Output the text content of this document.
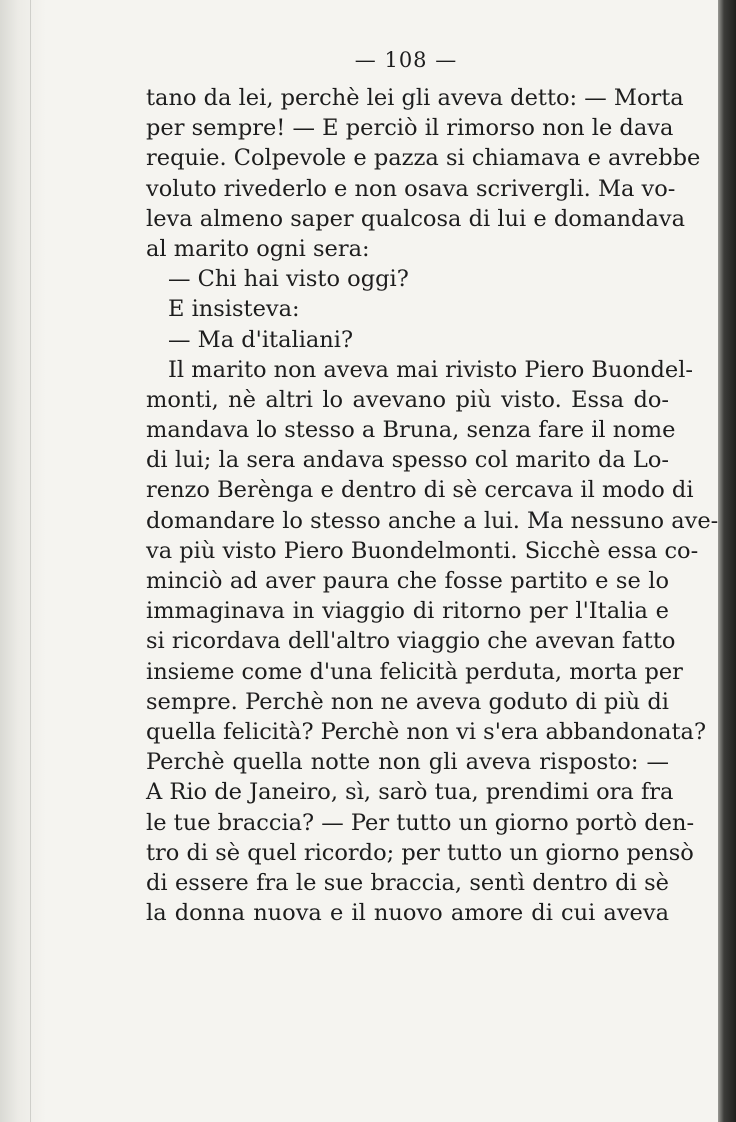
— 108 —
tano da lei, perchè lei gli aveva detto: — Morta
per sempre! — E perciò il rimorso non le dava
requie. Colpevole e pazza si chiamava e avrebbe
voluto rivederlo e non osava scrivergli. Ma vo-
leva almeno saper qualcosa di lui e domandava
al marito ogni sera:
— Chi hai visto oggi?
E insisteva:
— Ma d'italiani?
Il marito non aveva mai rivisto Piero Buondel-
monti, nè altri lo avevano più visto. Essa do-
mandava lo stesso a Bruna, senza fare il nome
di lui; la sera andava spesso col marito da Lo-
renzo Berènga e dentro di sè cercava il modo di
domandare lo stesso anche a lui. Ma nessuno ave-
va più visto Piero Buondelmonti. Sicchè essa co-
minciò ad aver paura che fosse partito e se lo
immaginava in viaggio di ritorno per l'Italia e
si ricordava dell'altro viaggio che avevan fatto
insieme come d'una felicità perduta, morta per
sempre. Perchè non ne aveva goduto di più di
quella felicità? Perchè non vi s'era abbandonata?
Perchè quella notte non gli aveva risposto: —
A Rio de Janeiro, sì, sarò tua, prendimi ora fra
le tue braccia? — Per tutto un giorno portò den-
tro di sè quel ricordo; per tutto un giorno pensò
di essere fra le sue braccia, sentì dentro di sè
la donna nuova e il nuovo amore di cui aveva
